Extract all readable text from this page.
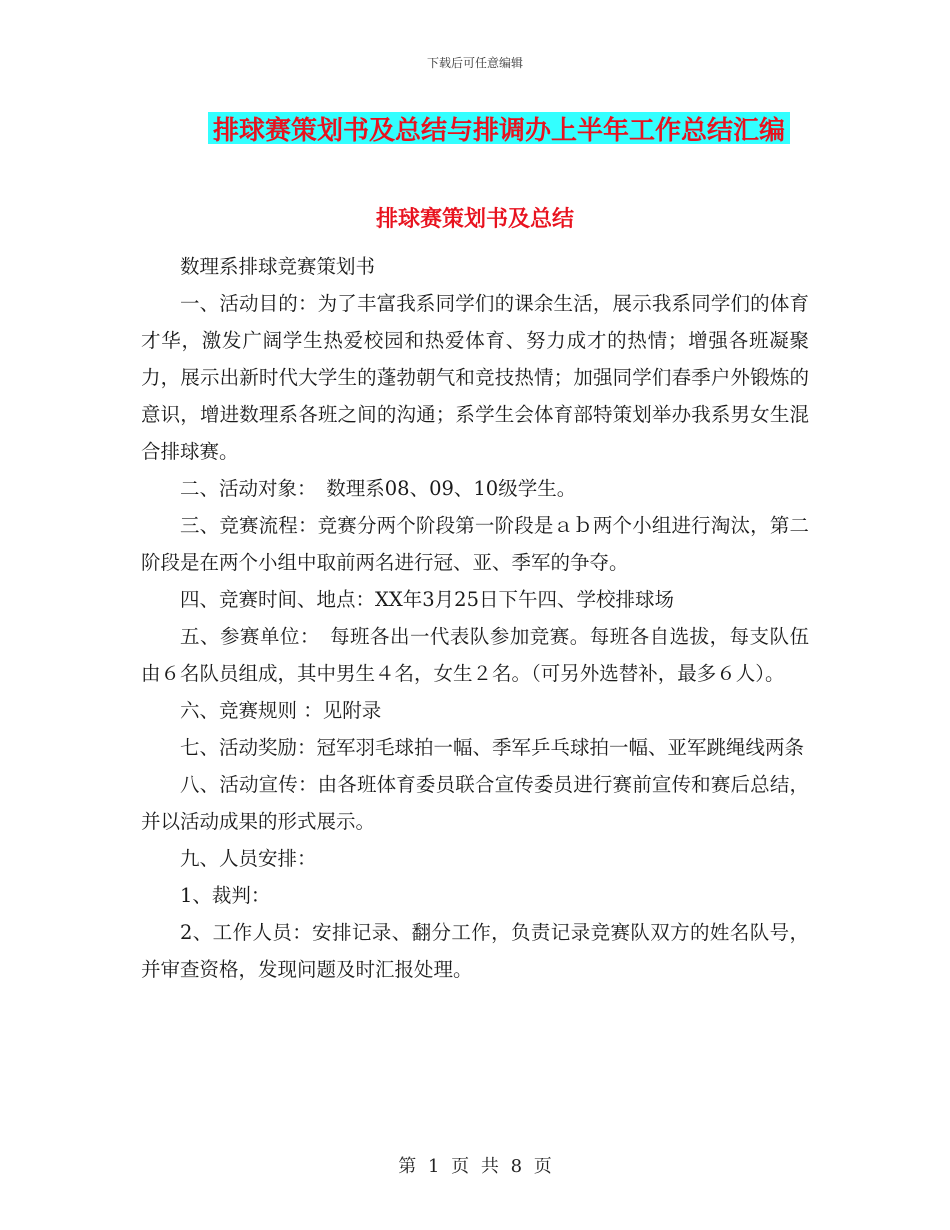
下载后可任意编辑
排球赛策划书及总结与排调办上半年工作总结汇编
排球赛策划书及总结

数理系排球竞赛策划书

一、活动目的：为了丰富我系同学们的课余生活，展示我系同学们的体育才华，激发广阔学生热爱校园和热爱体育、努力成才的热情；增强各班凝聚力，展示出新时代大学生的蓬勃朝气和竞技热情；加强同学们春季户外锻炼的意识，增进数理系各班之间的沟通；系学生会体育部特策划举办我系男女生混合排球赛。

二、活动对象：　数理系08、09、10级学生。

三、竞赛流程：竞赛分两个阶段第一阶段是ａｂ两个小组进行淘汰，第二阶段是在两个小组中取前两名进行冠、亚、季军的争夺。

四、竞赛时间、地点：XX年3月25日下午四、学校排球场

五、参赛单位：　每班各出一代表队参加竞赛。每班各自选拔，每支队伍由６名队员组成，其中男生４名，女生２名。（可另外选替补，最多６人）。

六、竞赛规则 ：见附录

七、活动奖励：冠军羽毛球拍一幅、季军乒乓球拍一幅、亚军跳绳线两条

八、活动宣传：由各班体育委员联合宣传委员进行赛前宣传和赛后总结，并以活动成果的形式展示。

九、人员安排：

1、裁判：

2、工作人员：安排记录、翻分工作，负责记录竞赛队双方的姓名队号，并审查资格，发现问题及时汇报处理。

第 1 页 共 8 页
